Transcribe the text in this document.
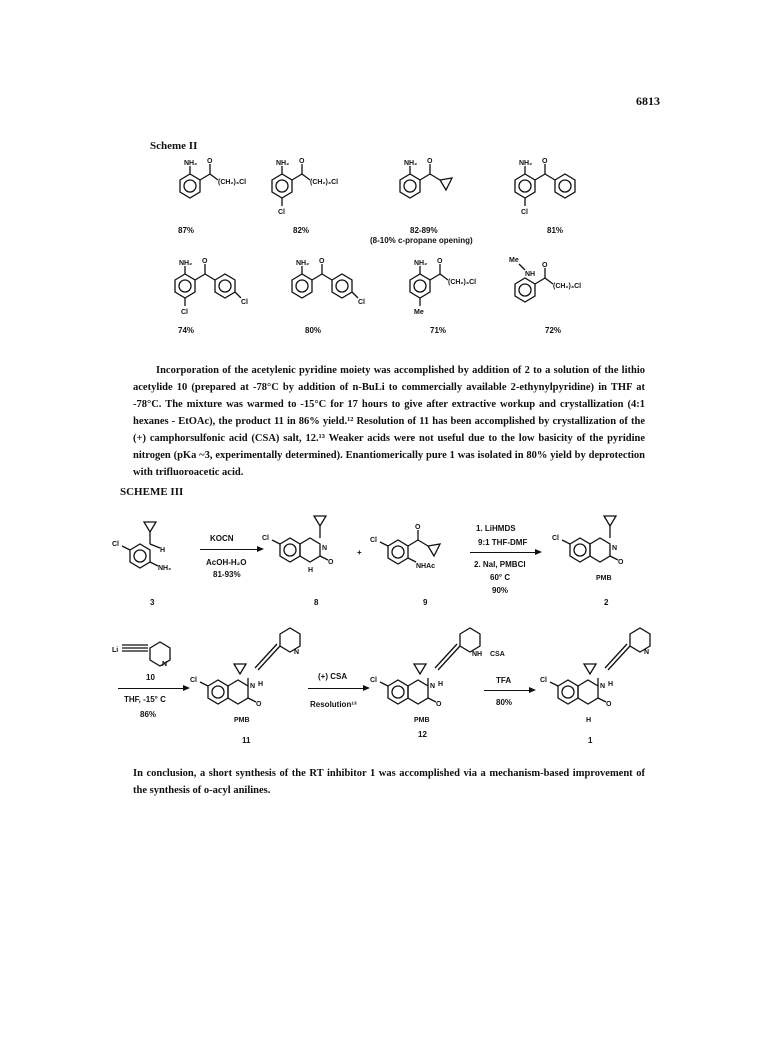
6813
Scheme II
NH₂ O
(CH₂)₃Cl
NH₂ O
(CH₂)₃Cl
Cl
NH₂ O	NH₂ O
Cl
87%	82%	82-89%
(8-10% c-propane opening)
81%
NH₂ O
Cl
Cl
NH₂ O
Cl
NH₂ O
(CH₂)₃Cl
Me
Me
NH
O
(CH₂)₃Cl
74%	80%	71%	72%
Incorporation of the acetylenic pyridine moiety was accomplished by addition of 2 to a solution of the lithio acetylide 10 (prepared at -78°C by addition of n-BuLi to commercially available 2-ethynylpyridine) in THF at -78°C. The mixture was warmed to -15°C for 17 hours to give after extractive workup and crystallization (4:1 hexanes - EtOAc), the product 11 in 86% yield.¹² Resolution of 11 has been accomplished by crystallization of the (+) camphorsulfonic acid (CSA) salt, 12.¹³ Weaker acids were not useful due to the low basicity of the pyridine nitrogen (pKa ~3, experimentally determined). Enantiomerically pure 1 was isolated in 80% yield by deprotection with trifluoroacetic acid.
SCHEME III
H
Cl
NH₂
3
KOCN
AcOH-H₂O
81-93%
Cl
N
O
H
8
+
Cl
O
NHAc
9
1. LiHMDS
9:1 THF-DMF
2. NaI, PMBCl
60° C
90%
Cl
N
O
PMB
2
Li
N
10
THF, -15° C
86%
N
Cl
N H
O
PMB
11
(+) CSA
Resolution¹³
NH CSA
Cl
N H
O
PMB
12
TFA
80%
N
Cl
N H
O
H
1
In conclusion, a short synthesis of the RT inhibitor 1 was accomplished via a mechanism-based improvement of the synthesis of o-acyl anilines.
